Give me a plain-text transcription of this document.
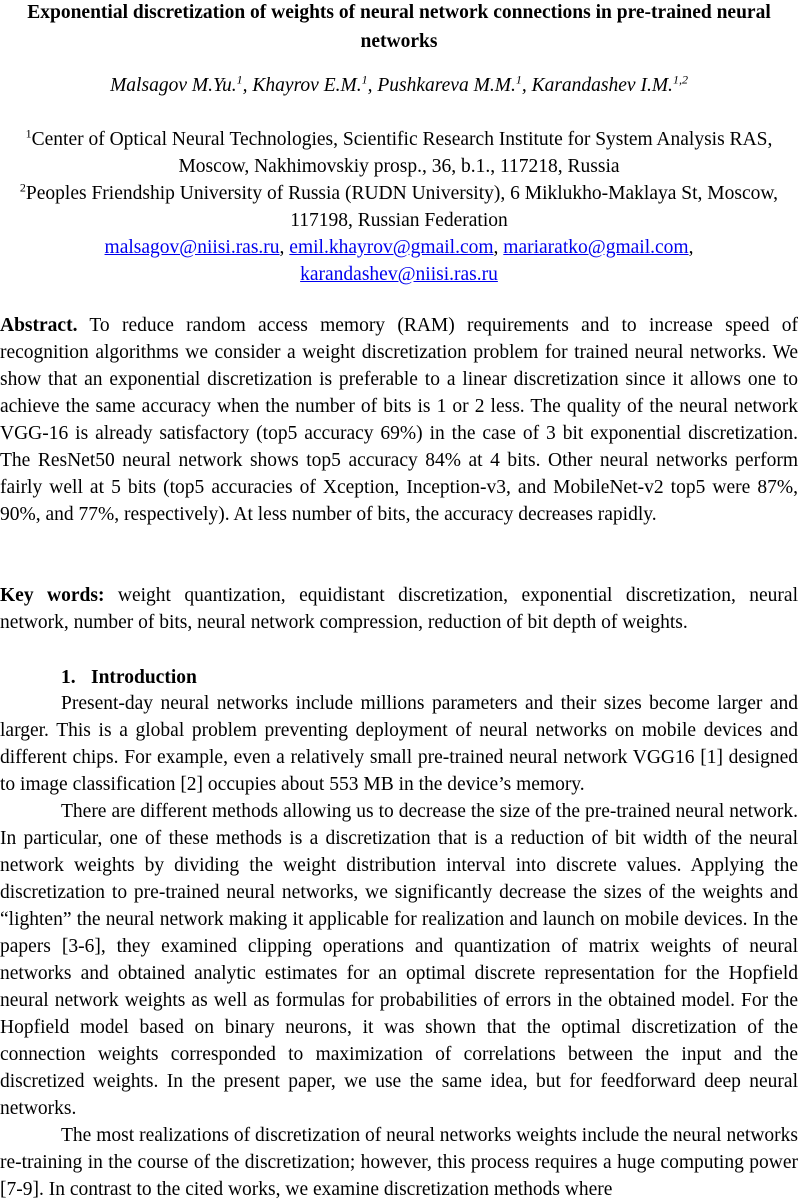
Exponential discretization of weights of neural network connections in pre-trained neural networks
Malsagov M.Yu.$^1$, Khayrov E.M.$^1$, Pushkareva M.M.$^1$, Karandashev I.M.$^{1,2}$
$^1$Center of Optical Neural Technologies, Scientific Research Institute for System Analysis RAS, Moscow, Nakhimovskiy prosp., 36, b.1., 117218, Russia
$^2$Peoples Friendship University of Russia (RUDN University), 6 Miklukho-Maklaya St, Moscow, 117198, Russian Federation
malsagov@niisi.ras.ru, emil.khayrov@gmail.com, mariaratko@gmail.com,
karandashev@niisi.ras.ru
Abstract. To reduce random access memory (RAM) requirements and to increase speed of recognition algorithms we consider a weight discretization problem for trained neural networks. We show that an exponential discretization is preferable to a linear discretization since it allows one to achieve the same accuracy when the number of bits is 1 or 2 less. The quality of the neural network VGG-16 is already satisfactory (top5 accuracy 69%) in the case of 3 bit exponential discretization. The ResNet50 neural network shows top5 accuracy 84% at 4 bits. Other neural networks perform fairly well at 5 bits (top5 accuracies of Xception, Inception-v3, and MobileNet-v2 top5 were 87%, 90%, and 77%, respectively). At less number of bits, the accuracy decreases rapidly.
Key words: weight quantization, equidistant discretization, exponential discretization, neural network, number of bits, neural network compression, reduction of bit depth of weights.
1. Introduction
Present-day neural networks include millions parameters and their sizes become larger and larger. This is a global problem preventing deployment of neural networks on mobile devices and different chips. For example, even a relatively small pre-trained neural network VGG16 [1] designed to image classification [2] occupies about 553 MB in the device’s memory.
There are different methods allowing us to decrease the size of the pre-trained neural network. In particular, one of these methods is a discretization that is a reduction of bit width of the neural network weights by dividing the weight distribution interval into discrete values. Applying the discretization to pre-trained neural networks, we significantly decrease the sizes of the weights and “lighten” the neural network making it applicable for realization and launch on mobile devices. In the papers [3-6], they examined clipping operations and quantization of matrix weights of neural networks and obtained analytic estimates for an optimal discrete representation for the Hopfield neural network weights as well as formulas for probabilities of errors in the obtained model. For the Hopfield model based on binary neurons, it was shown that the optimal discretization of the connection weights corresponded to maximization of correlations between the input and the discretized weights. In the present paper, we use the same idea, but for feedforward deep neural networks.
The most realizations of discretization of neural networks weights include the neural networks re-training in the course of the discretization; however, this process requires a huge computing power [7-9]. In contrast to the cited works, we examine discretization methods where
